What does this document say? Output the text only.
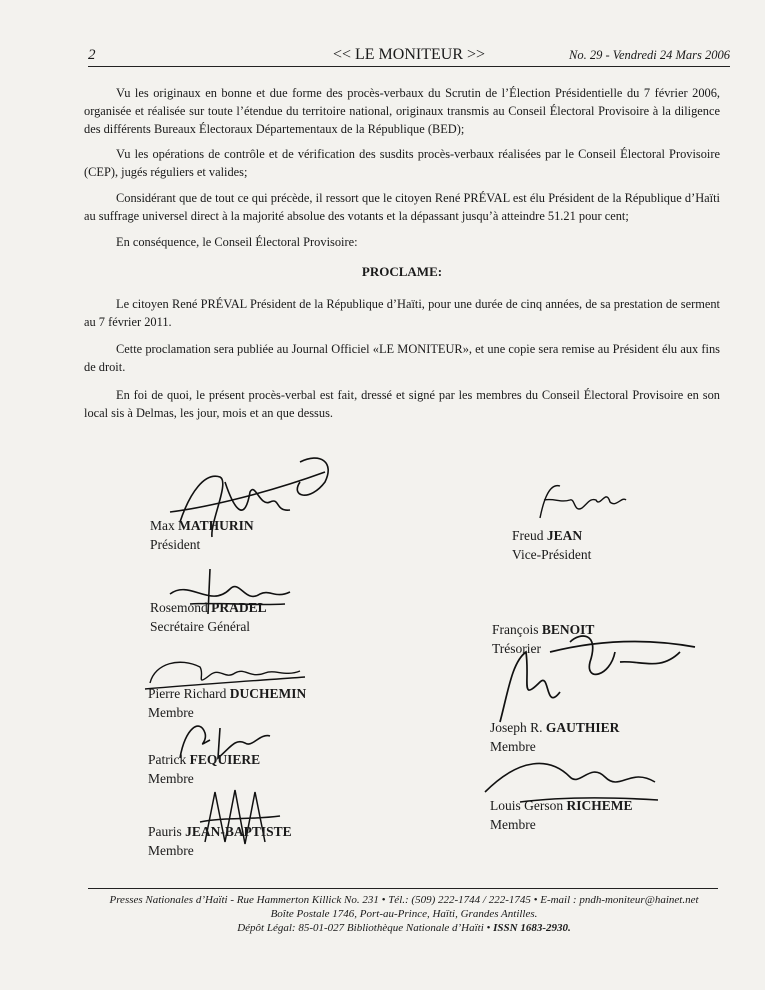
2	<< LE MONITEUR >>	No. 29 - Vendredi 24 Mars 2006
Vu les originaux en bonne et due forme des procès-verbaux du Scrutin de l’Élection Présidentielle du 7 février 2006, organisée et réalisée sur toute l’étendue du territoire national, originaux transmis au Conseil Électoral Provisoire à la diligence des différents Bureaux Électoraux Départementaux de la République (BED);
Vu les opérations de contrôle et de vérification des susdits procès-verbaux réalisées par le Conseil Électoral Provisoire (CEP), jugés réguliers et valides;
Considérant que de tout ce qui précède, il ressort que le citoyen René PRÉVAL est élu Président de la République d’Haïti au suffrage universel direct à la majorité absolue des votants et la dépassant jusqu’à atteindre 51.21 pour cent;
En conséquence, le Conseil Électoral Provisoire:
PROCLAME:
Le citoyen René PRÉVAL Président de la République d’Haïti, pour une durée de cinq années, de sa prestation de serment au 7 février 2011.
Cette proclamation sera publiée au Journal Officiel «LE MONITEUR», et une copie sera remise au Président élu aux fins de droit.
En foi de quoi, le présent procès-verbal est fait, dressé et signé par les membres du Conseil Électoral Provisoire en son local sis à Delmas, les jour, mois et an que dessus.
Max MATHURIN
Président
Freud JEAN
Vice-Président
Rosemond PRADEL
Secrétaire Général	François BENOIT
Trésorier
Pierre Richard DUCHEMIN
Membre
Joseph R. GAUTHIER
Membre
Patrick FEQUIERE
Membre
Louis Gerson RICHEME
Membre
Pauris JEAN-BAPTISTE
Membre
Presses Nationales d’Haïti - Rue Hammerton Killick No. 231 • Tél.: (509) 222-1744 / 222-1745 • E-mail : pndh-moniteur@hainet.net
Boîte Postale 1746, Port-au-Prince, Haïti, Grandes Antilles.
Dépôt Légal: 85-01-027 Bibliothèque Nationale d’Haïti • ISSN 1683-2930.
